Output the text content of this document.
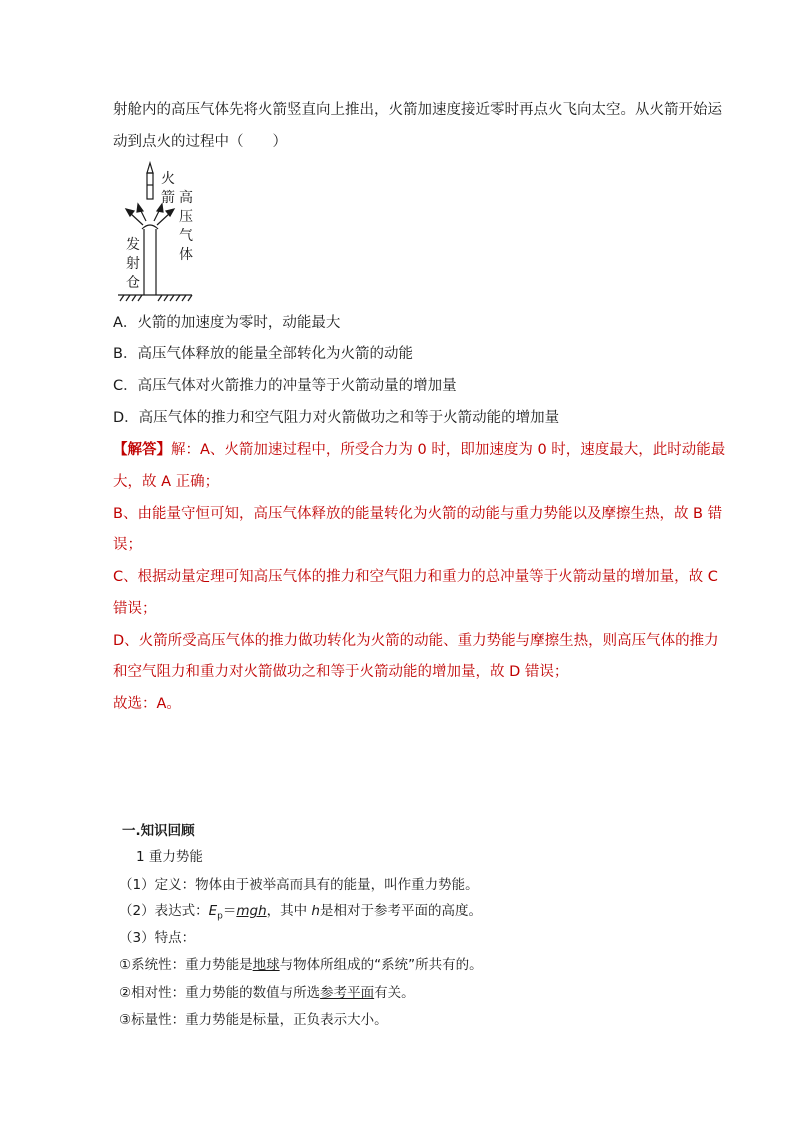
射舱内的高压气体先将火箭竖直向上推出，火箭加速度接近零时再点火飞向太空。从火箭开始运
动到点火的过程中（　　）
火
箭 高
压
气
体
发
射
仓
A．火箭的加速度为零时，动能最大
B．高压气体释放的能量全部转化为火箭的动能
C．高压气体对火箭推力的冲量等于火箭动量的增加量
D．高压气体的推力和空气阻力对火箭做功之和等于火箭动能的增加量
【解答】解：A、火箭加速过程中，所受合力为 0 时，即加速度为 0 时，速度最大，此时动能最
大，故 A 正确；
B、由能量守恒可知，高压气体释放的能量转化为火箭的动能与重力势能以及摩擦生热，故 B 错
误；
C、根据动量定理可知高压气体的推力和空气阻力和重力的总冲量等于火箭动量的增加量，故 C
错误；
D、火箭所受高压气体的推力做功转化为火箭的动能、重力势能与摩擦生热，则高压气体的推力
和空气阻力和重力对火箭做功之和等于火箭动能的增加量，故 D 错误；
故选：A。
一.知识回顾
1 重力势能
（1）定义：物体由于被举高而具有的能量，叫作重力势能。
（2）表达式：$E_p=mgh$，其中 h是相对于参考平面的高度。
（3）特点：
①系统性：重力势能是地球与物体所组成的“系统”所共有的。
②相对性：重力势能的数值与所选参考平面有关。
③标量性：重力势能是标量，正负表示大小。
